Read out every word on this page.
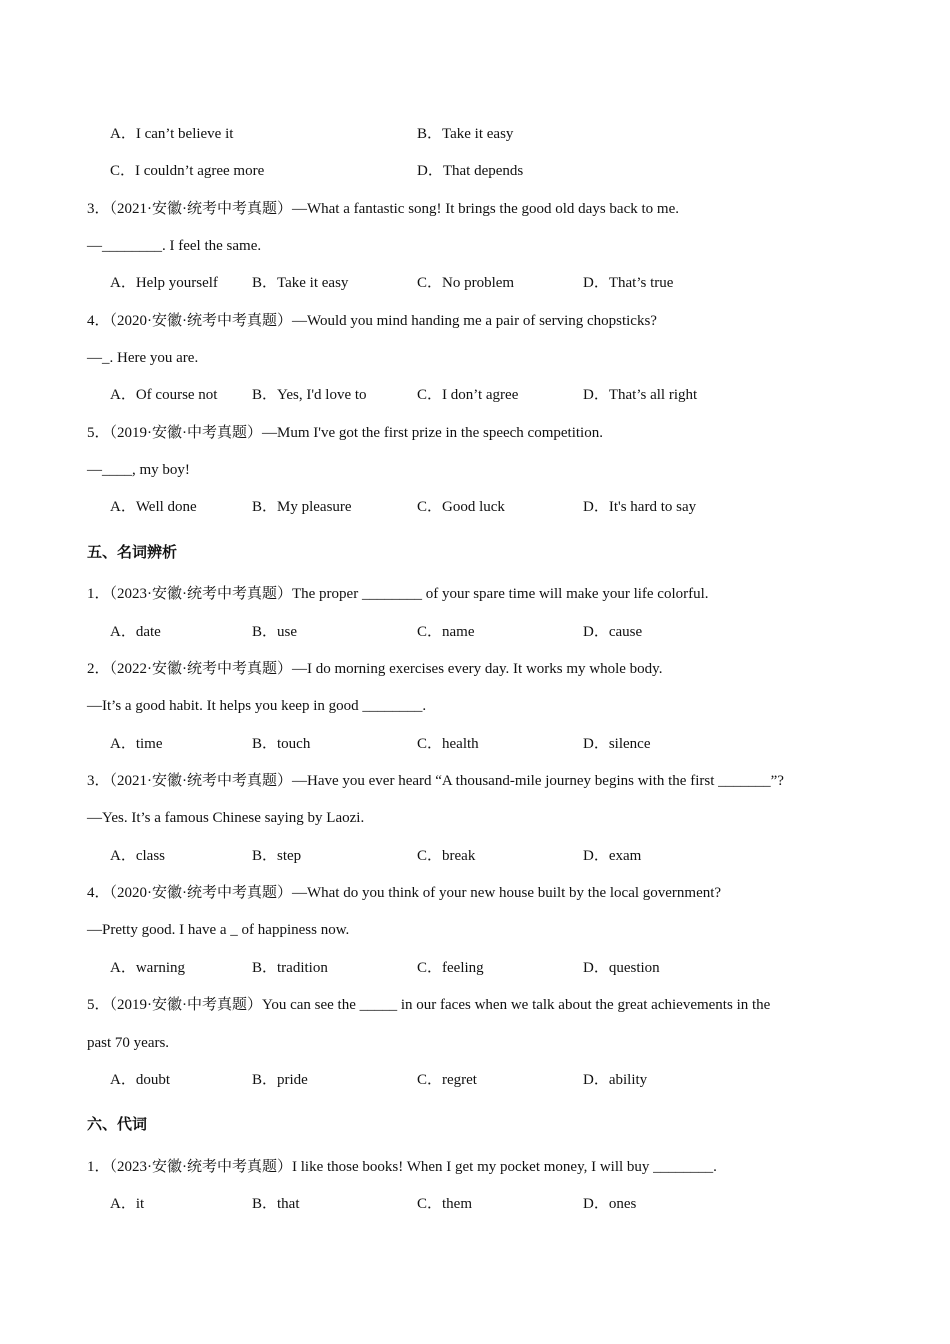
A．I can’t believe it	B．Take it easy
C．I couldn’t agree more	D．That depends
3．（2021·安徽·统考中考真题）—What a fantastic song! It brings the good old days back to me.
—________. I feel the same.
A．Help yourself B．Take it easy	C．No problem	D．That’s true
4．（2020·安徽·统考中考真题）—Would you mind handing me a pair of serving chopsticks?
—_. Here you are.
A．Of course not B．Yes, I'd love to	C．I don’t agree	D．That’s all right
5．（2019·安徽·中考真题）—Mum I've got the first prize in the speech competition.
—____, my boy!
A．Well done	B．My pleasure	C．Good luck	D．It's hard to say
五、名词辨析
1．（2023·安徽·统考中考真题）The proper ________ of your spare time will make your life colorful.
A．date	B．use	C．name	D．cause
2．（2022·安徽·统考中考真题）—I do morning exercises every day. It works my whole body.
—It’s a good habit. It helps you keep in good ________.
A．time	B．touch	C．health	D．silence
3．（2021·安徽·统考中考真题）—Have you ever heard “A thousand-mile journey begins with the first _______”?
—Yes. It’s a famous Chinese saying by Laozi.
A．class	B．step	C．break	D．exam
4．（2020·安徽·统考中考真题）—What do you think of your new house built by the local government?
—Pretty good. I have a _ of happiness now.
A．warning	B．tradition	C．feeling	D．question
5．（2019·安徽·中考真题）You can see the _____ in our faces when we talk about the great achievements in the
past 70 years.
A．doubt	B．pride	C．regret	D．ability
六、代词
1．（2023·安徽·统考中考真题）I like those books! When I get my pocket money, I will buy ________.
A．it	B．that	C．them	D．ones
